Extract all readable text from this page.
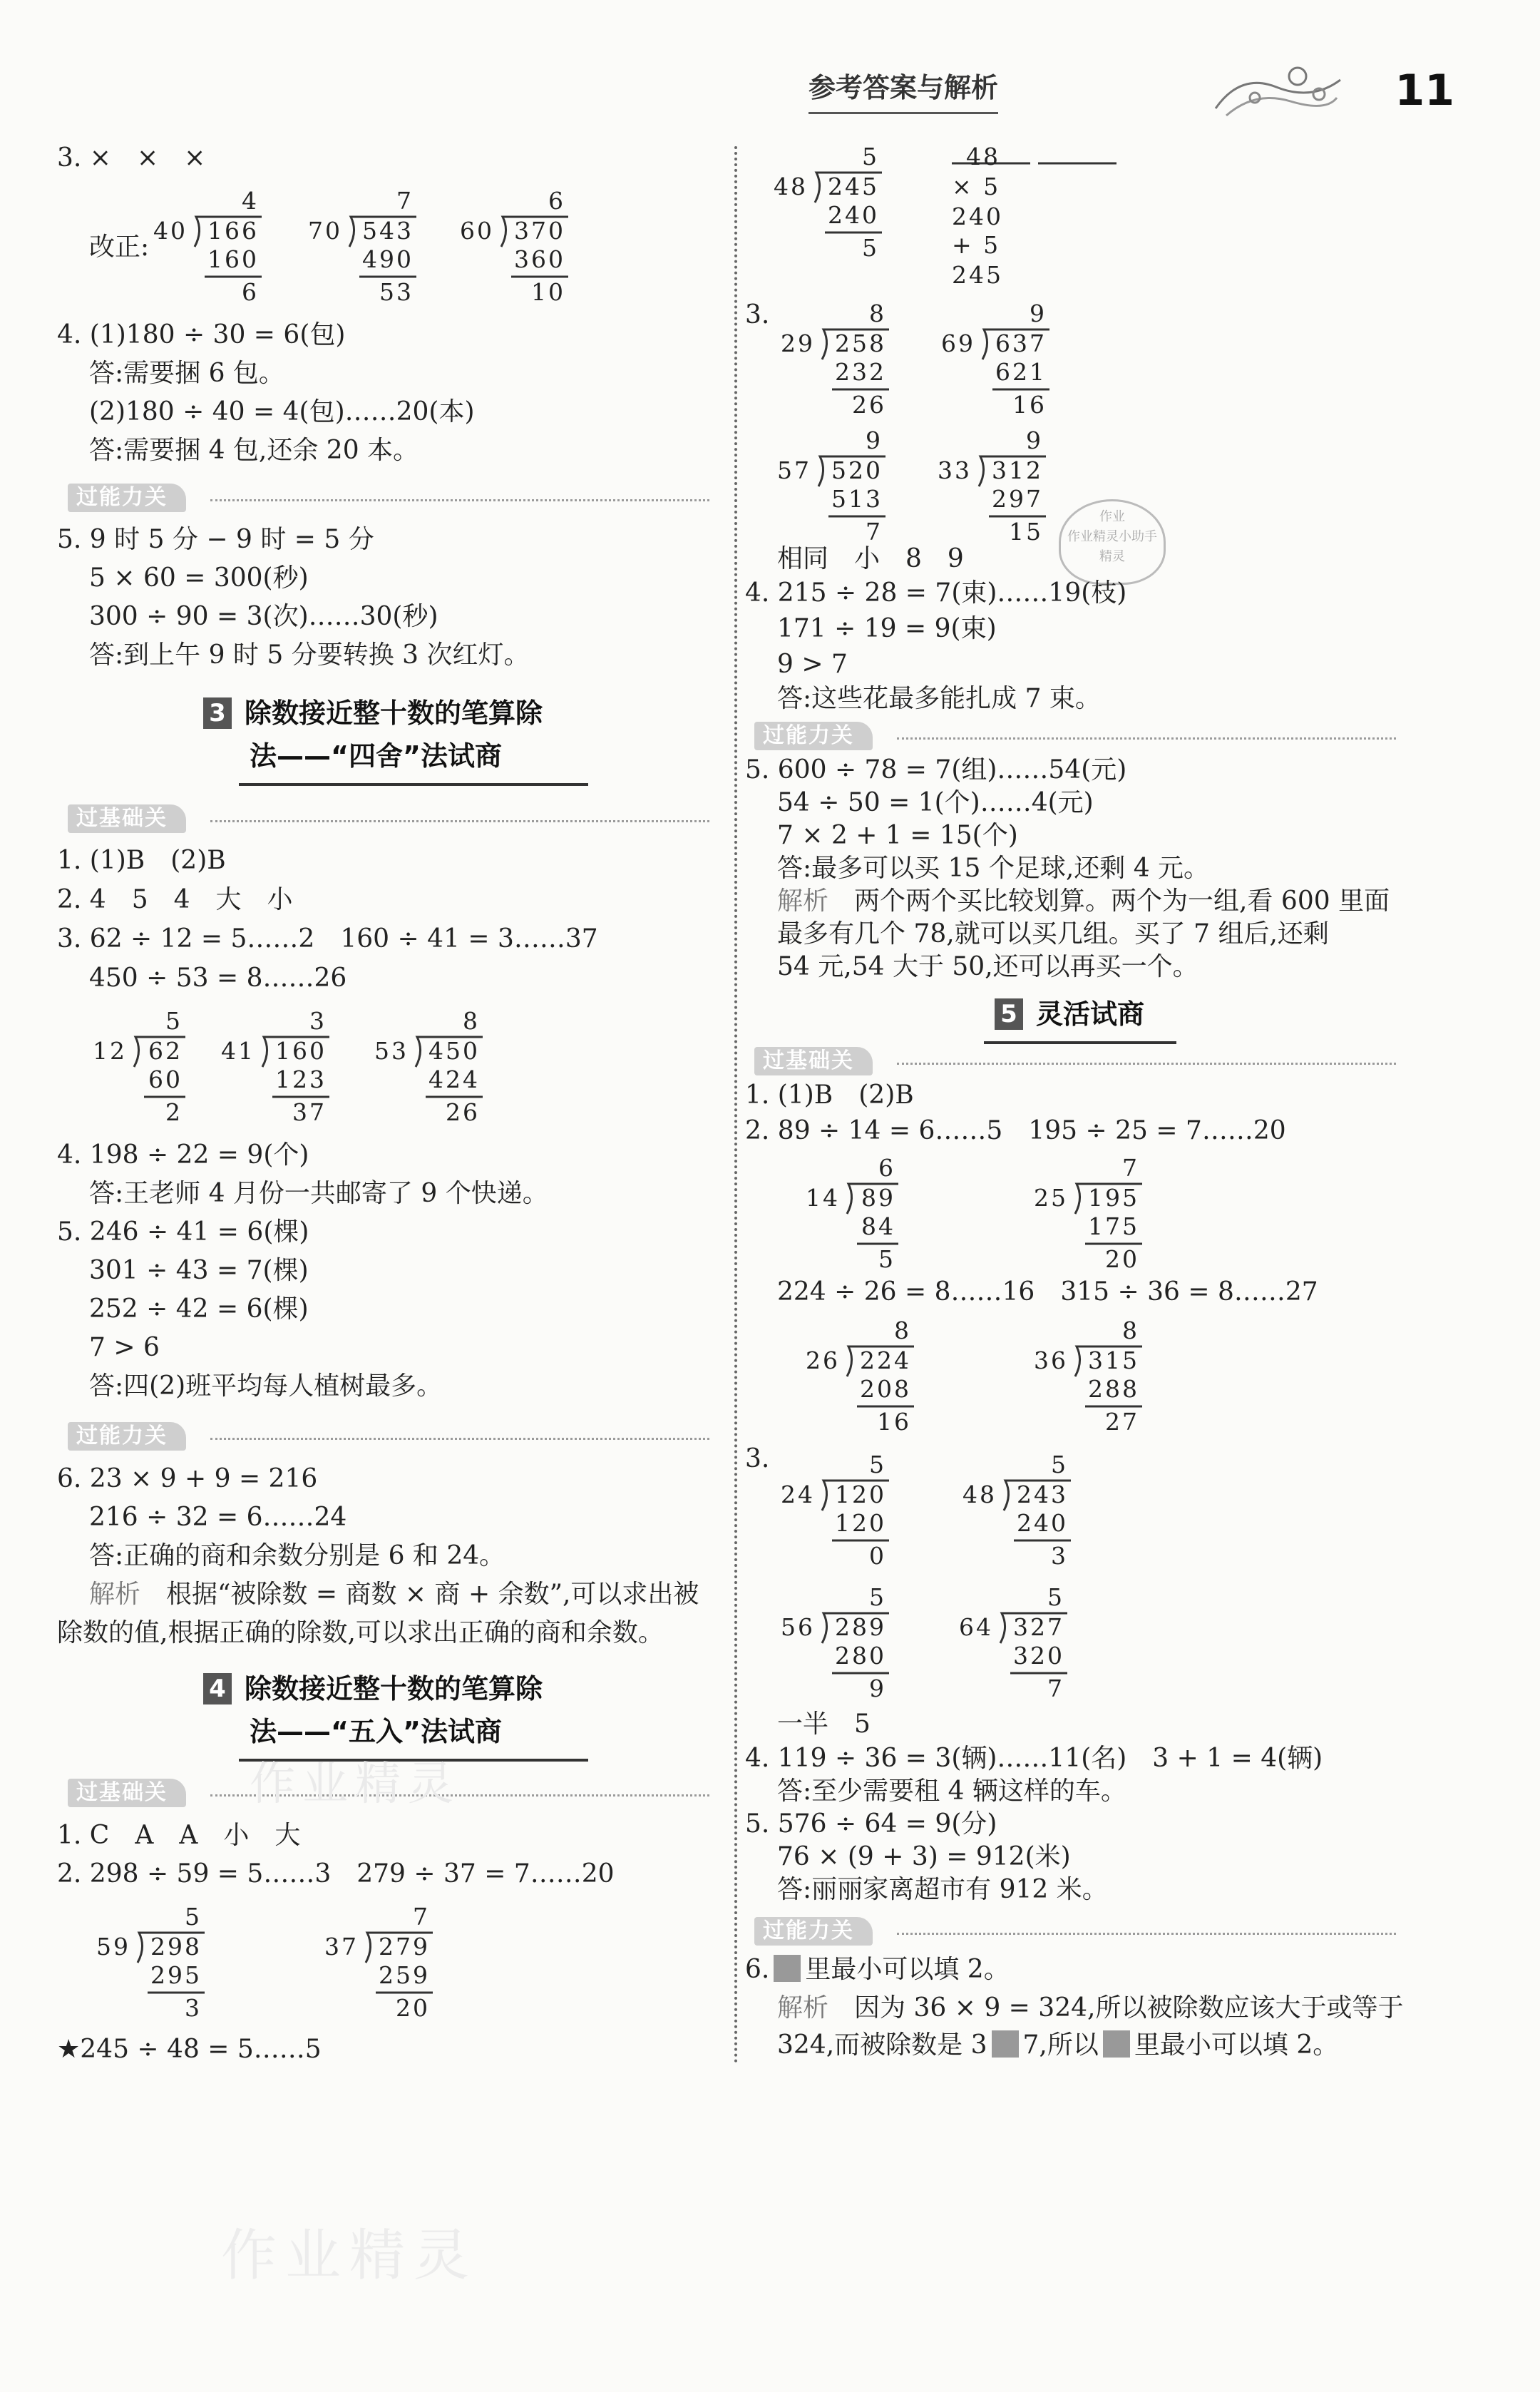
参考答案与解析	11
3. ×　×　×
改正:
4
40 166
160
6
7
70 543
490
53
6
60 370
360
10
4. (1)180 ÷ 30 = 6(包)
答:需要捆 6 包。
(2)180 ÷ 40 = 4(包)……20(本)
答:需要捆 4 包,还余 20 本。
过能力关
5. 9 时 5 分 − 9 时 = 5 分
5 × 60 = 300(秒)
300 ÷ 90 = 3(次)……30(秒)
答:到上午 9 时 5 分要转换 3 次红灯。
3 除数接近整十数的笔算除
法——“四舍”法试商
过基础关
1. (1)B　(2)B
2. 4　5　4　大　小
3. 62 ÷ 12 = 5……2　160 ÷ 41 = 3……37
450 ÷ 53 = 8……26
5
12 62
60
2
3
41 160
123
37
8
53 450
424
26
4. 198 ÷ 22 = 9(个)
答:王老师 4 月份一共邮寄了 9 个快递。
5. 246 ÷ 41 = 6(棵)
301 ÷ 43 = 7(棵)
252 ÷ 42 = 6(棵)
7 > 6
答:四(2)班平均每人植树最多。
过能力关
6. 23 × 9 + 9 = 216
216 ÷ 32 = 6……24
答:正确的商和余数分别是 6 和 24。
解析　 根据“被除数 = 商数 × 商 + 余数”,可以求出被
除数的值,根据正确的除数,可以求出正确的商和余数。
4 除数接近整十数的笔算除
法——“五入”法试商
过基础关
1. C　A　A　小　大
2. 298 ÷ 59 = 5……3　279 ÷ 37 = 7……20
5
59 298
295
3
7
37 279
259
20
★245 ÷ 48 = 5……5
5
48 245
240
5
48
× 5

240
+ 5
245
3.	8
29 258
232
26
9
69 637
621
16
9
57 520
513
7
9
33 312
297
15
作业
作业精灵小助手
精灵
相同　小　8　9
4. 215 ÷ 28 = 7(束)……19(枝)
171 ÷ 19 = 9(束)
9 > 7
答:这些花最多能扎成 7 束。
过能力关
5. 600 ÷ 78 = 7(组)……54(元)
54 ÷ 50 = 1(个)……4(元)
7 × 2 + 1 = 15(个)
答:最多可以买 15 个足球,还剩 4 元。
解析　 两个两个买比较划算。两个为一组,看 600 里面
最多有几个 78,就可以买几组。买了 7 组后,还剩
54 元,54 大于 50,还可以再买一个。
5 灵活试商
过基础关
1. (1)B　(2)B
2. 89 ÷ 14 = 6……5　195 ÷ 25 = 7……20
6
14 89
84
5
7
25 195
175
20
224 ÷ 26 = 8……16　315 ÷ 36 = 8……27
8
26 224
208
16
8
36 315
288
27
3.	5
24 120
120
0
5
48 243
240
3
5
56 289
280
9
5
64 327
320
7
一半　5
4. 119 ÷ 36 = 3(辆)……11(名)　3 + 1 = 4(辆)
答:至少需要租 4 辆这样的车。
5. 576 ÷ 64 = 9(分)
76 × (9 + 3) = 912(米)
答:丽丽家离超市有 912 米。
过能力关
6. 里最小可以填 2。
解析　 因为 36 × 9 = 324,所以被除数应该大于或等于
324,而被除数是 3 7,所以 里最小可以填 2。
作业精灵
作业精灵
